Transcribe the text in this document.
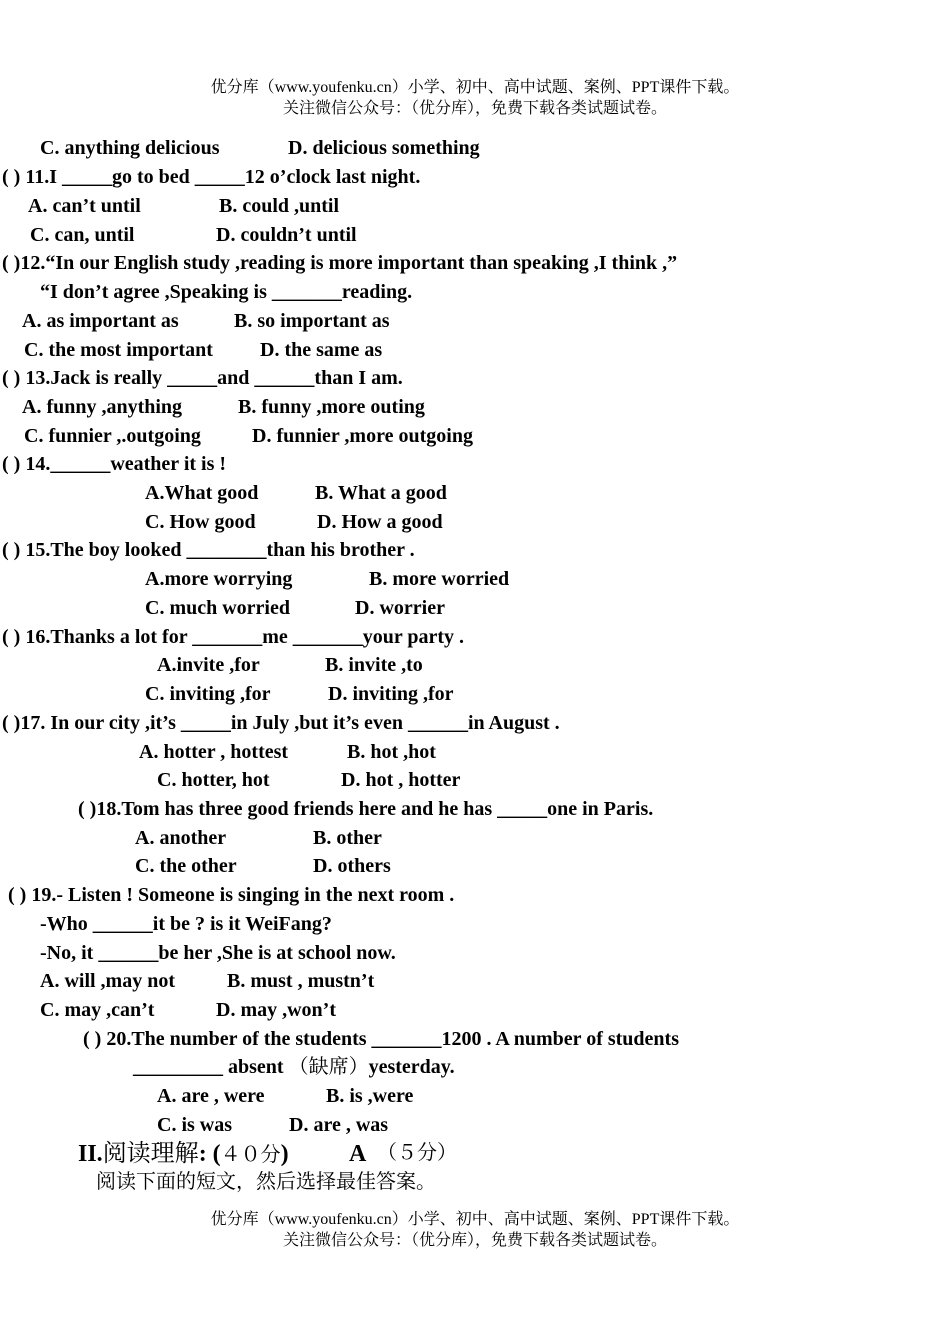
优分库（www.youfenku.cn）小学、初中、高中试题、案例、PPT课件下载。
关注微信公众号：（优分库），免费下载各类试题试卷。
C. anything delicious	D. delicious something
( ) 11.I _____go to bed _____12 o’clock last night.
A. can’t until	B. could ,until
C. can, until	D. couldn’t until
( )12.“In our English study ,reading is more important than speaking ,I think ,”
“I don’t agree ,Speaking is _______reading.
A. as important as	B. so important as
C. the most important D. the same as
( ) 13.Jack is really _____and ______than I am.
A. funny ,anything	B. funny ,more outing
C. funnier ,.outgoing	D. funnier ,more outgoing
( ) 14.______weather it is !
A.What good	B. What a good
C. How good	D. How a good
( ) 15.The boy looked ________than his brother .
A.more worrying	B. more worried
C. much worried	D. worrier
( ) 16.Thanks a lot for _______me _______your party .
A.invite ,for	B. invite ,to
C. inviting ,for	D. inviting ,for
( )17. In our city ,it’s _____in July ,but it’s even ______in August .
A. hotter , hottest	B. hot ,hot
C. hotter, hot	D. hot , hotter
( )18.Tom has three good friends here and he has _____one in Paris.
A. another	B. other
C. the other	D. others
( ) 19.- Listen ! Someone is singing in the next room .
-Who ______it be ? is it WeiFang?
-No, it ______be her ,She is at school now.
A. will ,may not	B. must , mustn’t
C. may ,can’t	D. may ,won’t
( ) 20.The number of the students _______1200 . A number of students
_________ absent （缺席）yesterday.
A. are , were	B. is ,were
C. is was	D. are , was
II.阅读理解: (４０分)	A （５分）
阅读下面的短文，然后选择最佳答案。
优分库（www.youfenku.cn）小学、初中、高中试题、案例、PPT课件下载。
关注微信公众号：（优分库），免费下载各类试题试卷。
